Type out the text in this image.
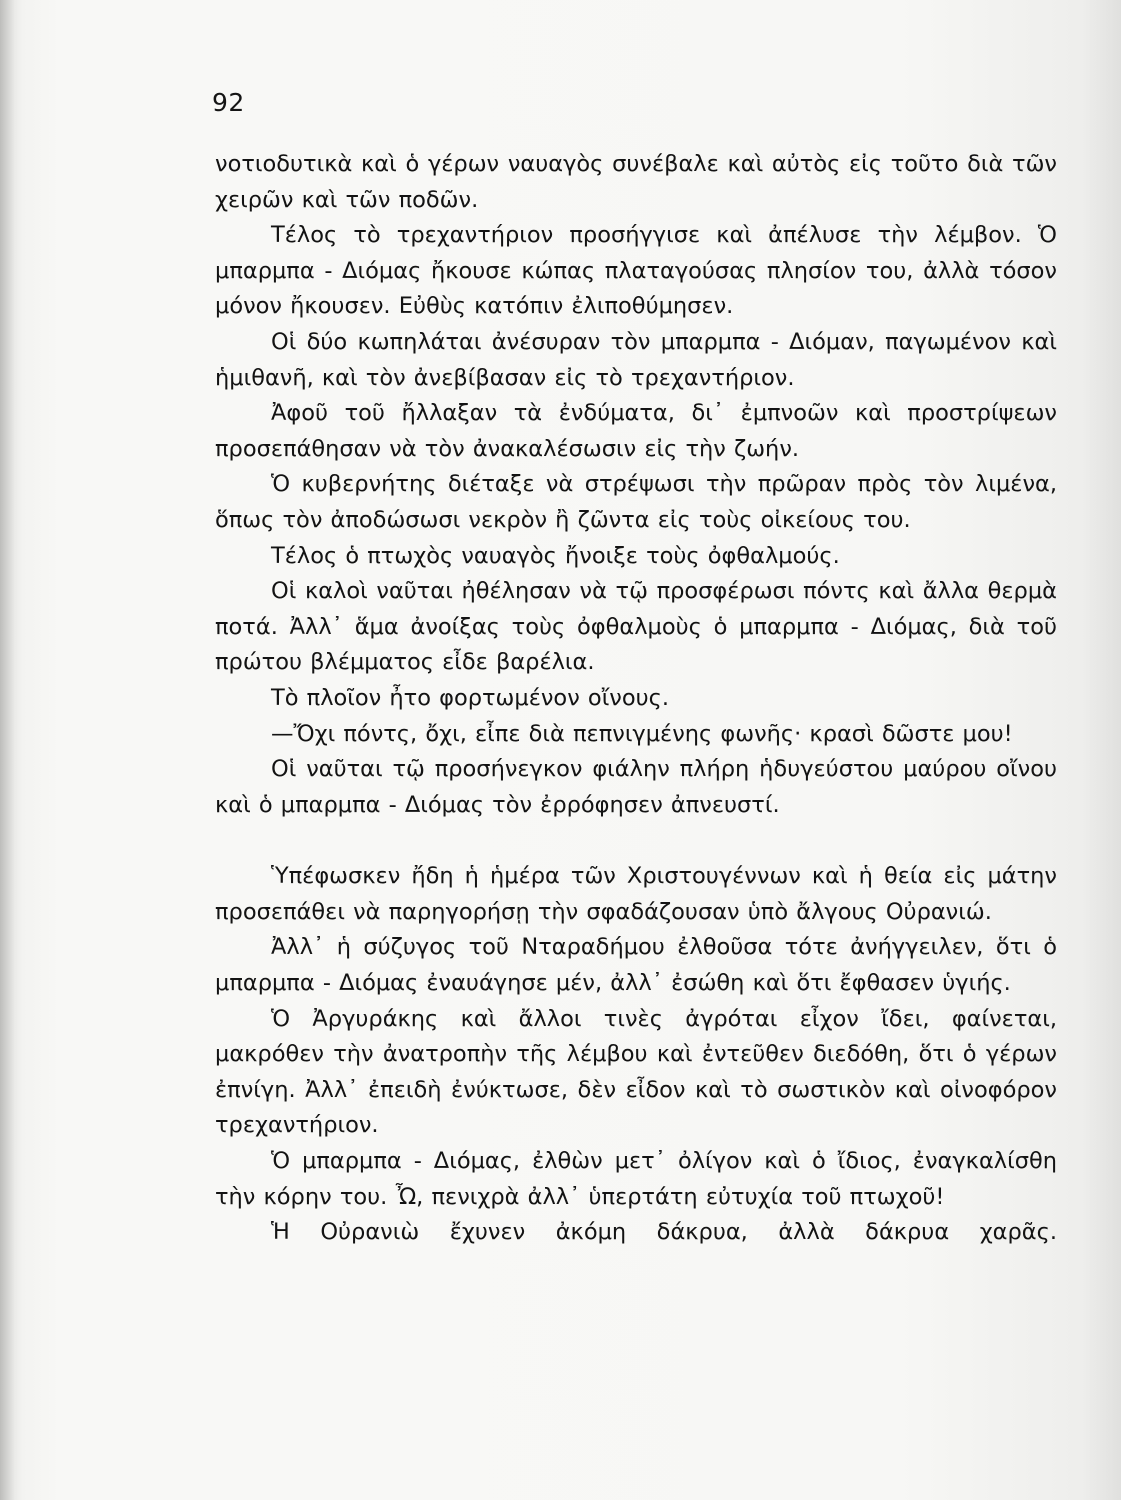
92

νοτιοδυτικὰ καὶ ὁ γέρων ναυαγὸς συνέβαλε καὶ αὐτὸς εἰς τοῦτο διὰ τῶν χειρῶν καὶ τῶν ποδῶν.

Τέλος τὸ τρεχαντήριον προσήγγισε καὶ ἀπέλυσε τὴν λέμβον. Ὁ μπαρμπα - Διόμας ἤκουσε κώπας πλαταγούσας πλησίον του, ἀλλὰ τόσον μόνον ἤκουσεν. Εὐθὺς κατόπιν ἐλιποθύμησεν.

Οἱ δύο κωπηλάται ἀνέσυραν τὸν μπαρμπα - Διόμαν, παγωμένον καὶ ἡμιθανῆ, καὶ τὸν ἀνεβίβασαν εἰς τὸ τρεχαντήριον.

Ἀφοῦ τοῦ ἤλλαξαν τὰ ἐνδύματα, δι᾿ ἐμπνοῶν καὶ προστρίψεων προσεπάθησαν νὰ τὸν ἀνακαλέσωσιν εἰς τὴν ζωήν.

Ὁ κυβερνήτης διέταξε νὰ στρέψωσι τὴν πρῶραν πρὸς τὸν λιμένα, ὅπως τὸν ἀποδώσωσι νεκρὸν ἢ ζῶντα εἰς τοὺς οἰκείους του.

Τέλος ὁ πτωχὸς ναυαγὸς ἤνοιξε τοὺς ὀφθαλμούς.

Οἱ καλοὶ ναῦται ἠθέλησαν νὰ τῷ προσφέρωσι πόντς καὶ ἄλλα θερμὰ ποτά. Ἀλλ᾿ ἅμα ἀνοίξας τοὺς ὀφθαλμοὺς ὁ μπαρμπα - Διόμας, διὰ τοῦ πρώτου βλέμματος εἶδε βαρέλια.

Τὸ πλοῖον ἦτο φορτωμένον οἴνους.

—Ὄχι πόντς, ὄχι, εἶπε διὰ πεπνιγμένης φωνῆς· κρασὶ δῶστε μου!

Οἱ ναῦται τῷ προσήνεγκον φιάλην πλήρη ἡδυγεύστου μαύρου οἴνου καὶ ὁ μπαρμπα - Διόμας τὸν ἐρρόφησεν ἀπνευστί.

Ὑπέφωσκεν ἤδη ἡ ἡμέρα τῶν Χριστουγέννων καὶ ἡ θεία εἰς μάτην προσεπάθει νὰ παρηγορήσῃ τὴν σφαδάζουσαν ὑπὸ ἄλγους Οὐρανιώ.

Ἀλλ᾿ ἡ σύζυγος τοῦ Νταραδήμου ἐλθοῦσα τότε ἀνήγγειλεν, ὅτι ὁ μπαρμπα - Διόμας ἐναυάγησε μέν, ἀλλ᾿ ἐσώθη καὶ ὅτι ἔφθασεν ὑγιής.

Ὁ Ἀργυράκης καὶ ἄλλοι τινὲς ἀγρόται εἶχον ἴδει, φαίνεται, μακρόθεν τὴν ἀνατροπὴν τῆς λέμβου καὶ ἐντεῦθεν διεδόθη, ὅτι ὁ γέρων ἐπνίγη. Ἀλλ᾿ ἐπειδὴ ἐνύκτωσε, δὲν εἶδον καὶ τὸ σωστικὸν καὶ οἰνοφόρον τρεχαντήριον.

Ὁ μπαρμπα - Διόμας, ἐλθὼν μετ᾿ ὀλίγον καὶ ὁ ἴδιος, ἐναγκαλίσθη τὴν κόρην του. Ὦ, πενιχρὰ ἀλλ᾿ ὑπερτάτη εὐτυχία τοῦ πτωχοῦ!

Ἡ Οὐρανιὼ ἔχυνεν ἀκόμη δάκρυα, ἀλλὰ δάκρυα χαρᾶς.
